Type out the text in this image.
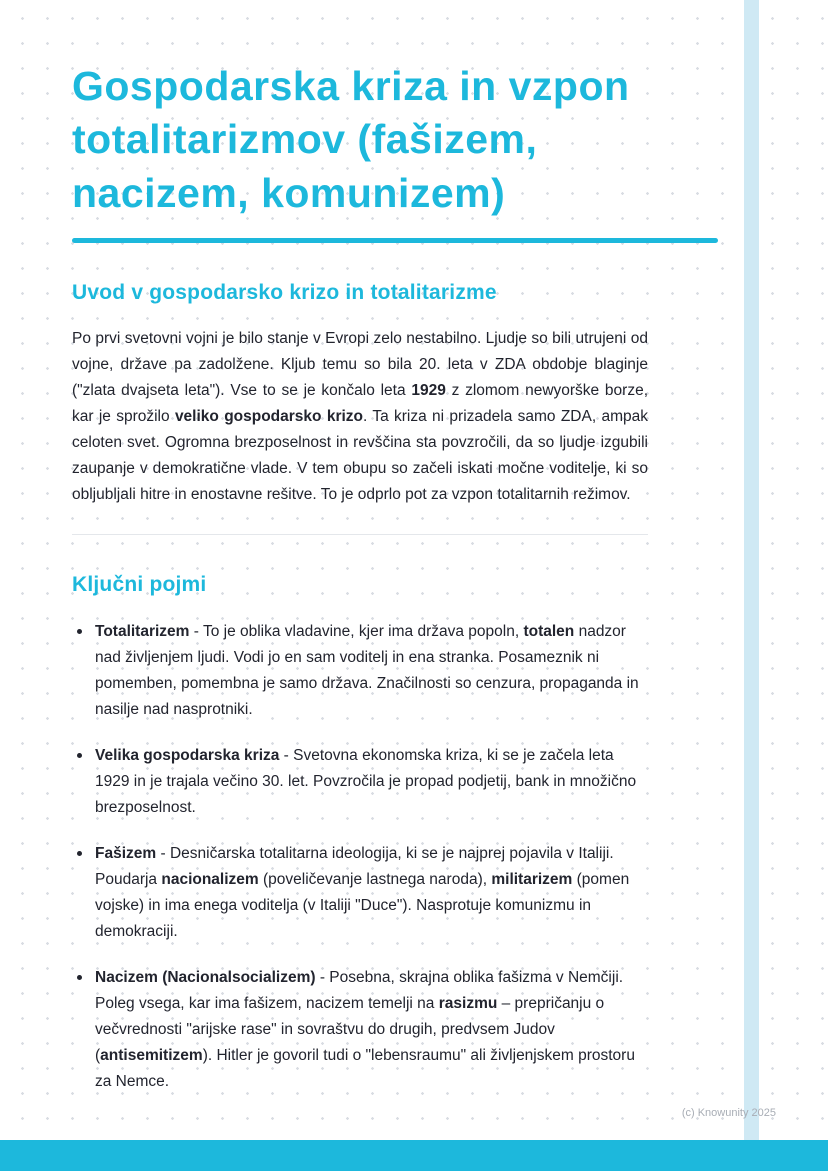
Gospodarska kriza in vzpon
totalitarizmov (fašizem,
nacizem, komunizem)
Uvod v gospodarsko krizo in totalitarizme

Po prvi svetovni vojni je bilo stanje v Evropi zelo nestabilno. Ljudje so bili utrujeni od vojne, države pa zadolžene. Kljub temu so bila 20. leta v ZDA obdobje blaginje ("zlata dvajseta leta"). Vse to se je končalo leta 1929 z zlomom newyorške borze, kar je sprožilo veliko gospodarsko krizo. Ta kriza ni prizadela samo ZDA, ampak celoten svet. Ogromna brezposelnost in revščina sta povzročili, da so ljudje izgubili zaupanje v demokratične vlade. V tem obupu so začeli iskati močne voditelje, ki so obljubljali hitre in enostavne rešitve. To je odprlo pot za vzpon totalitarnih režimov.

Ključni pojmi
Totalitarizem - To je oblika vladavine, kjer ima država popoln, totalen nadzor nad življenjem ljudi. Vodi jo en sam voditelj in ena stranka. Posameznik ni pomemben, pomembna je samo država. Značilnosti so cenzura, propaganda in nasilje nad nasprotniki.
Velika gospodarska kriza - Svetovna ekonomska kriza, ki se je začela leta 1929 in je trajala večino 30. let. Povzročila je propad podjetij, bank in množično brezposelnost.
Fašizem - Desničarska totalitarna ideologija, ki se je najprej pojavila v Italiji. Poudarja nacionalizem (poveličevanje lastnega naroda), militarizem (pomen vojske) in ima enega voditelja (v Italiji "Duce"). Nasprotuje komunizmu in demokraciji.
Nacizem (Nacionalsocializem) - Posebna, skrajna oblika fašizma v Nemčiji. Poleg vsega, kar ima fašizem, nacizem temelji na rasizmu – prepričanju o večvrednosti "arijske rase" in sovraštvu do drugih, predvsem Judov (antisemitizem). Hitler je govoril tudi o "lebensraumu" ali življenjskem prostoru za Nemce.
(c) Knowunity 2025
